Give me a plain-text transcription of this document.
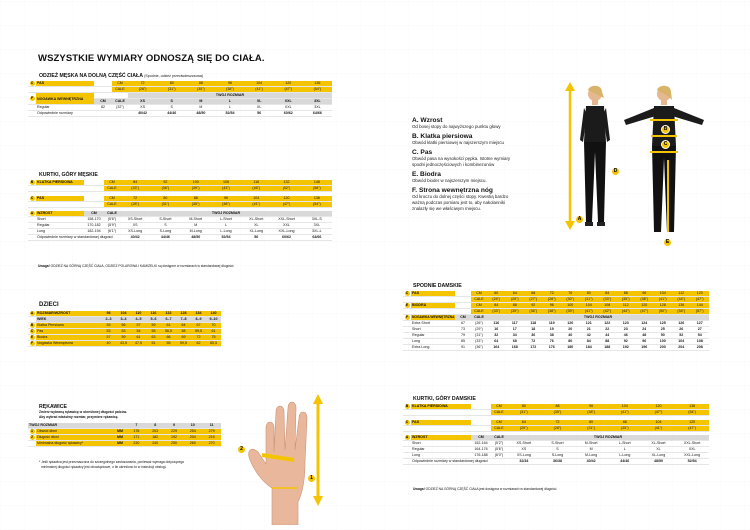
WSZYSTKIE WYMIARY ODNOSZĄ SIĘ DO CIAŁA.
ODZIEŻ MĘSKA NA DOLNĄ CZĘŚĆ CIAŁA (Spodnie, odzież przeciwdeszczowa)
C	PAS		CM	72	80	88	96	104	120	136
			CALE	(28")	(31")	(35")	(38")	(41")	(47")	(54")
F	NOGAWKA WEWNĘTRZNA			TWÓJ ROZMIAR						
		CM	CALE	XS	S	M	L	XL	XXL	3XL
	Regular	82	(32")	XS	S	M	L	XL	XXL	3XL
	Odpowiednie rozmiary			40/42	44/46	48/50	52/54	56	60/62	64/66
KURTKI, GÓRY MĘSKIE
B	KLATKA PIERSIOWA		CM	84	92	100	108	116	132	148
			CALE	(33")	(36")	(39")	(43")	(46")	(52")	(58")

C	PAS		CM	72	80	88	96	104	120	136
			CALE	(28")	(31")	(35")	(38")	(41")	(47")	(54")

A	WZROST	CM	CALE	TWÓJ ROZMIAR						
	Short	158-170	(5'6")	XS-Short	S-Short	M-Short	L-Short	XL-Short	XXL-Short	3XL-S
	Regular	170-182	(5'9")	XS	S	M	L	XL	XXL	3XL
	Long	182-194	(6'1")	XS-Long	S-Long	M-Long	L-Long	XL-Long	XXL-Long	3XL-L
	Odpowiednie rozmiary w standardowej długości			40/42	44/46	48/50	52/54	56	60/62	64/66
Uwaga! ODZIEŻ NA GÓRNĄ CZĘŚĆ CIAŁA, ODZIEŻ POLAROWA I KAMIZELKI są dostępne w rozmiarach w standardowej długości.
DZIECI
A	ROZMIAR/WZROST	98	104	110	116	122	128	134	140
	WIEK	2–3	3–4	4–5	5–6	6–7	7–8	8–9	9–10
B	Klatka Piersiowa	55	56	57	59	61	64	67	70
C	Pas	53	53	54	55	56,5	58	59,5	61
E	Biodra	57	59	61	63	66	69	72	75
F	Nogawka Wewnętrzna	40	43,5	47,5	51	55	59,5	62	65,5
RĘKAWICE
Zmierz wybraną rękawicę w określonej długości palców.
Aby wybrać właściwy rozmiar, przymierz rękawicę.
TWÓJ ROZMIAR			7	8	9	10	11
1	Obwód dłoni	MM	178	203	229	254	279
2	Długość dłoni	MM	171	182	192	204	215
	Minimalna długość rękawicy*	MM	230	240	250	260	270
* Jeśli rękawica jest przeznaczona do szczególnego zastosowania, ponieważ wymaga dotyczącego
minimalnej długości rękawicy jest obowiązkowe, o ile określono to w instrukcji obsługi.
2
1
A. Wzrost
Od bosej stopy do najwyższego punktu głowy
B. Klatka piersiowa
Obwód klatki piersiowej w najszerszym miejscu
C. Pas
Obwód pasa na wysokości pępka. Istotne wymiary
spodni jednoczęściowych i kombinezonów
E. Biodra
Obwód bioder w najszerszym miejscu.
F. Strona wewnętrzna nóg
Od kroczu do dolnej części stopy. Kwestią bardzo
ważną podczas pomiaru jest to, aby nakolanniki
znalazły się we właściwym miejscu.
A
D
B
C
E
SPODNIE DAMSKIE
C	PAS		CM	60	64	68	72	76	80	84	88	96	104	112	120
			CALE	(24")	(25")	(27")	(28")	(30")	(31")	(33")	(35")	(38")	(41")	(44")	(47")
E	BIODRA		CM	84	88	92	96	100	104	108	112	120	128	136	144
			CALE	(33")	(35")	(36")	(38")	(39")	(41")	(42")	(44")	(47")	(50")	(54")	(57")
F	NOGAWKA WEWNĘTRZNA	CM	CALE	TWÓJ ROZMIAR											
	Extra Short	67	(26")	116	117	118	119	120	121	122	123	124	125	126	127
	Short	73	(29")	16	17	18	19	20	21	22	23	24	25	26	27
	Regular	79	(31")	32	34	36	38	40	42	44	46	48	50	52	54
	Long	85	(33")	64	68	72	76	80	84	88	92	96	100	104	108
	Extra Long	91	(36")	164	168	172	176	180	184	188	192	196	200	204	208
KURTKI, GÓRY DAMSKIE
B	KLATKA PIERSIOWA		CM	80	88	96	104	120	136
			CALE	(31")	(35")	(38")	(41")	(47")	(54")

C	PAS		CM	64	72	80	88	104	120
			CALE	(25")	(28")	(31")	(35")	(41")	(47")

A	WZROST	CM	CALE	TWÓJ ROZMIAR					
	Short	152-164	(5'2")	XS-Short	S-Short	M-Short	L-Short	XL-Short	XXL-Short
	Regular	164-176	(5'6")	XS	S	M	L	XL	XXL
	Long	176-188	(6'0")	XS-Long	S-Long	M-Long	L-Long	XL-Long	XXL-Long
	Odpowiednie rozmiary w standardowej długości			32/34	36/38	40/42	44/46	48/50	52/54
Uwaga! ODZIEŻ NA GÓRNĄ CZĘŚĆ CIAŁA jest dostępna w rozmiarach w standardowej długości.
